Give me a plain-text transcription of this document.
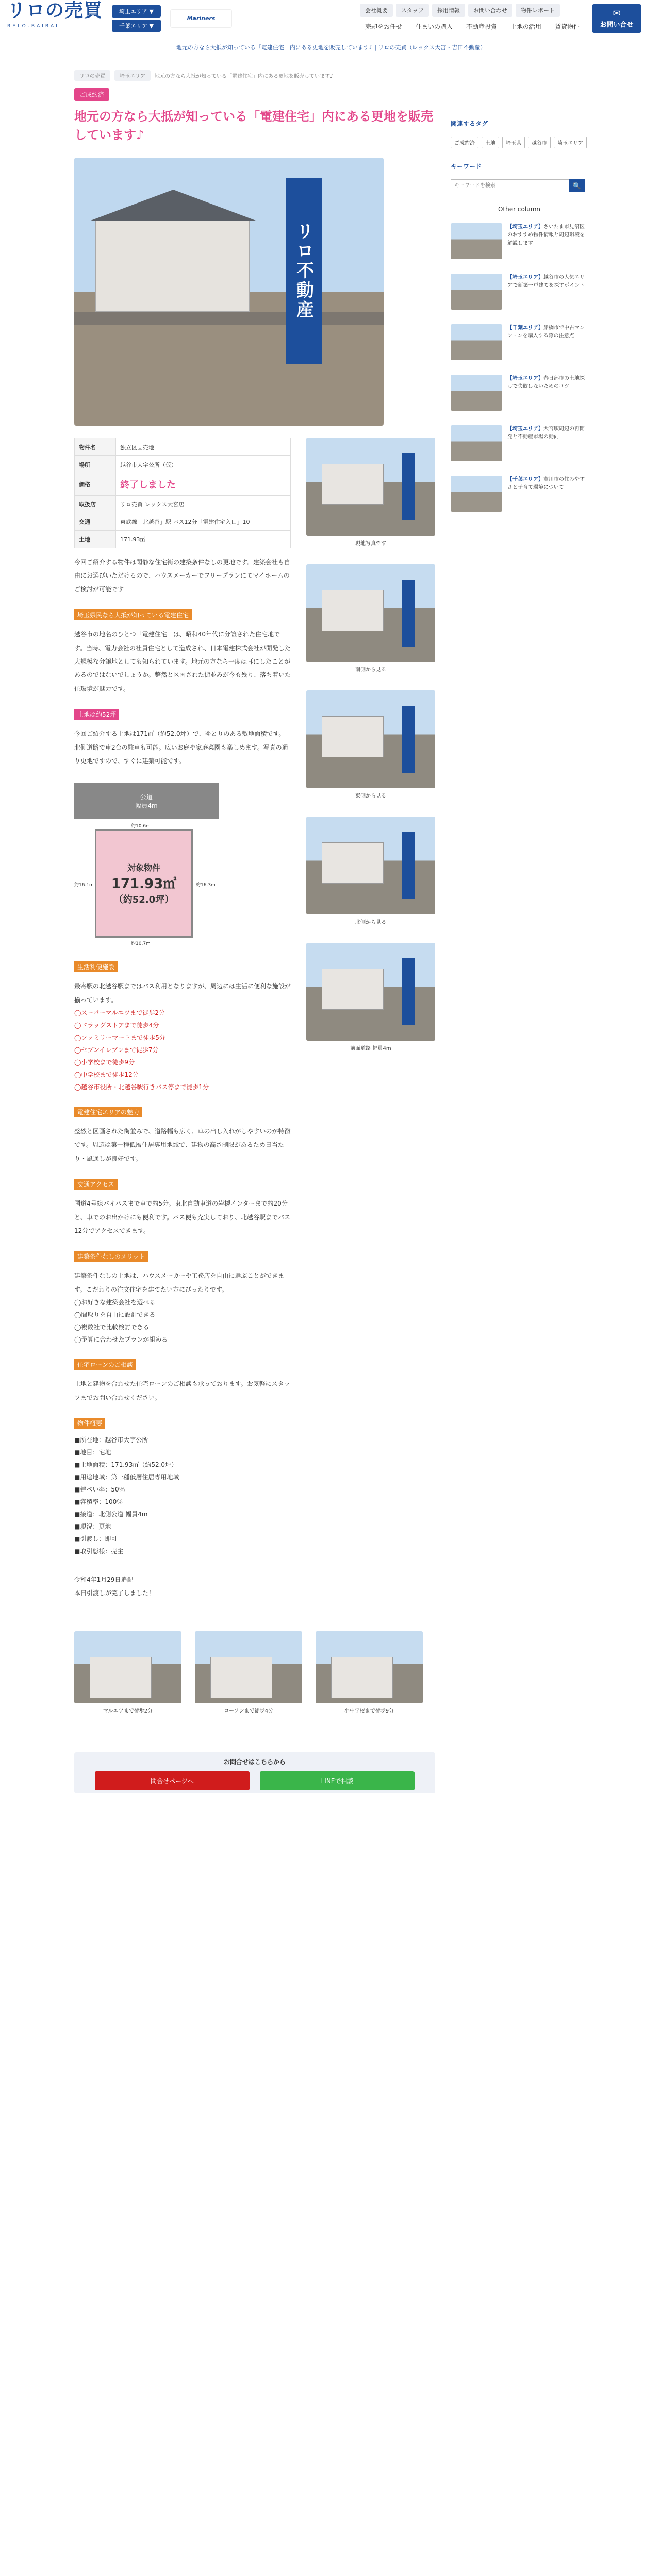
リロの売買
RELO-BAIBAI
埼玉エリア ▼
千葉エリア ▼
Mariners
会社概要	スタッフ	採用情報	お問い合わせ	物件レポート
売却をお任せ	住まいの購入	不動産投資	土地の活用	賃貸物件
✉
お問い合せ
地元の方なら大抵が知っている「電建住宅」内にある更地を販売しています♪ | リロの売買（レックス大宮・吉田不動産）
リロの売買	埼玉エリア	地元の方なら大抵が知っている「電建住宅」内にある更地を販売しています♪
ご成約済
地元の方なら大抵が知っている「電建住宅」内にある更地を販売しています♪
リロ不動産
物件名	独立区画売地
場所	越谷市大字公所（仮）
価格	終了しました
取扱店	リロ売買 レックス大宮店
交通	東武線「北越谷」駅 バス12分「電建住宅入口」10
土地	171.93㎡

今回ご紹介する物件は閑静な住宅街の建築条件なしの更地です。建築会社も自由にお選びいただけるので、ハウスメーカーでフリープランにてマイホームのご検討が可能です

埼玉県民なら大抵が知っている電建住宅

越谷市の地名のひとつ「電建住宅」は、昭和40年代に分譲された住宅地です。当時、電力会社の社員住宅として造成され、日本電建株式会社が開発した大規模な分譲地としても知られています。地元の方なら一度は耳にしたことがあるのではないでしょうか。整然と区画された街並みが今も残り、落ち着いた住環境が魅力です。

土地は約52坪

今回ご紹介する土地は171㎡（約52.0坪）で、ゆとりのある敷地面積です。北側道路で車2台の駐車も可能。広いお庭や家庭菜園も楽しめます。写真の通り更地ですので、すぐに建築可能です。

公道
幅員4m
対象物件
171.93㎡
（約52.0坪）
約10.6m
約10.7m
約16.1m	約16.3m
生活利便施設

最寄駅の北越谷駅まではバス利用となりますが、周辺には生活に便利な施設が揃っています。

◯スーパーマルエツまで徒歩2分
◯ドラッグストアまで徒歩4分
◯ファミリーマートまで徒歩5分
◯セブンイレブンまで徒歩7分
◯小学校まで徒歩9分
◯中学校まで徒歩12分
◯越谷市役所・北越谷駅行きバス停まで徒歩1分
電建住宅エリアの魅力

整然と区画された街並みで、道路幅も広く、車の出し入れがしやすいのが特徴です。周辺は第一種低層住居専用地域で、建物の高さ制限があるため日当たり・風通しが良好です。

交通アクセス

国道4号線バイパスまで車で約5分。東北自動車道の岩槻インターまで約20分と、車でのお出かけにも便利です。バス便も充実しており、北越谷駅までバス12分でアクセスできます。

建築条件なしのメリット

建築条件なしの土地は、ハウスメーカーや工務店を自由に選ぶことができます。こだわりの注文住宅を建てたい方にぴったりです。

◯お好きな建築会社を選べる
◯間取りを自由に設計できる
◯複数社で比較検討できる
◯予算に合わせたプランが組める
住宅ローンのご相談

土地と建物を合わせた住宅ローンのご相談も承っております。お気軽にスタッフまでお問い合わせください。

物件概要
■所在地：越谷市大字公所
■地目：宅地
■土地面積：171.93㎡（約52.0坪）
■用途地域：第一種低層住居専用地域
■建ぺい率：50％
■容積率：100％
■接道：北側公道 幅員4m
■現況：更地
■引渡し：即可
■取引態様：売主

令和4年1月29日追記
本日引渡しが完了しました！

現地写真です
南側から見る
東側から見る
北側から見る
前面道路 幅員4m
マルエツまで徒歩2分	ローソンまで徒歩4分	小中学校まで徒歩9分
お問合せはこちらから
問合せページへ	LINEで相談
関連するタグ
ご成約済	土地	埼玉県	越谷市	埼玉エリア
キーワード
キーワードを検索
🔍
Other column
【埼玉エリア】さいたま市見沼区のおすすめ物件情報と周辺環境を解説します
【埼玉エリア】越谷市の人気エリアで新築一戸建てを探すポイント
【千葉エリア】船橋市で中古マンションを購入する際の注意点
【埼玉エリア】春日部市の土地探しで失敗しないためのコツ
【埼玉エリア】大宮駅周辺の再開発と不動産市場の動向
【千葉エリア】市川市の住みやすさと子育て環境について
